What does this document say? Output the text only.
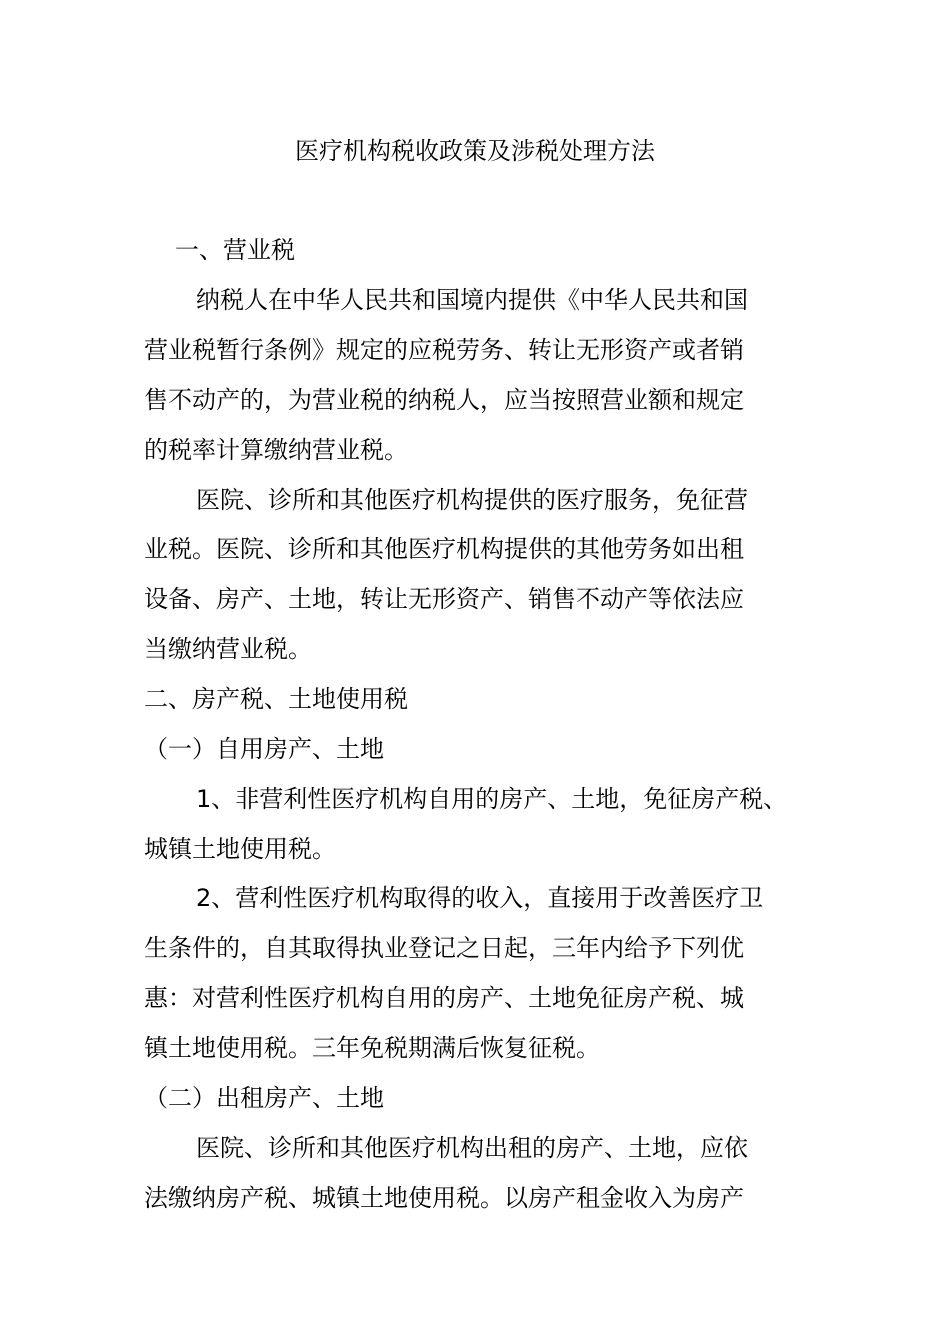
医疗机构税收政策及涉税处理方法
一、营业税
纳税人在中华人民共和国境内提供《中华人民共和国
营业税暂行条例》规定的应税劳务、转让无形资产或者销
售不动产的，为营业税的纳税人，应当按照营业额和规定
的税率计算缴纳营业税。
医院、诊所和其他医疗机构提供的医疗服务，免征营
业税。医院、诊所和其他医疗机构提供的其他劳务如出租
设备、房产、土地，转让无形资产、销售不动产等依法应
当缴纳营业税。
二、房产税、土地使用税
（一）自用房产、土地
1、非营利性医疗机构自用的房产、土地，免征房产税、
城镇土地使用税。
2、营利性医疗机构取得的收入，直接用于改善医疗卫
生条件的，自其取得执业登记之日起，三年内给予下列优
惠：对营利性医疗机构自用的房产、土地免征房产税、城
镇土地使用税。三年免税期满后恢复征税。
（二）出租房产、土地
医院、诊所和其他医疗机构出租的房产、土地，应依
法缴纳房产税、城镇土地使用税。以房产租金收入为房产
